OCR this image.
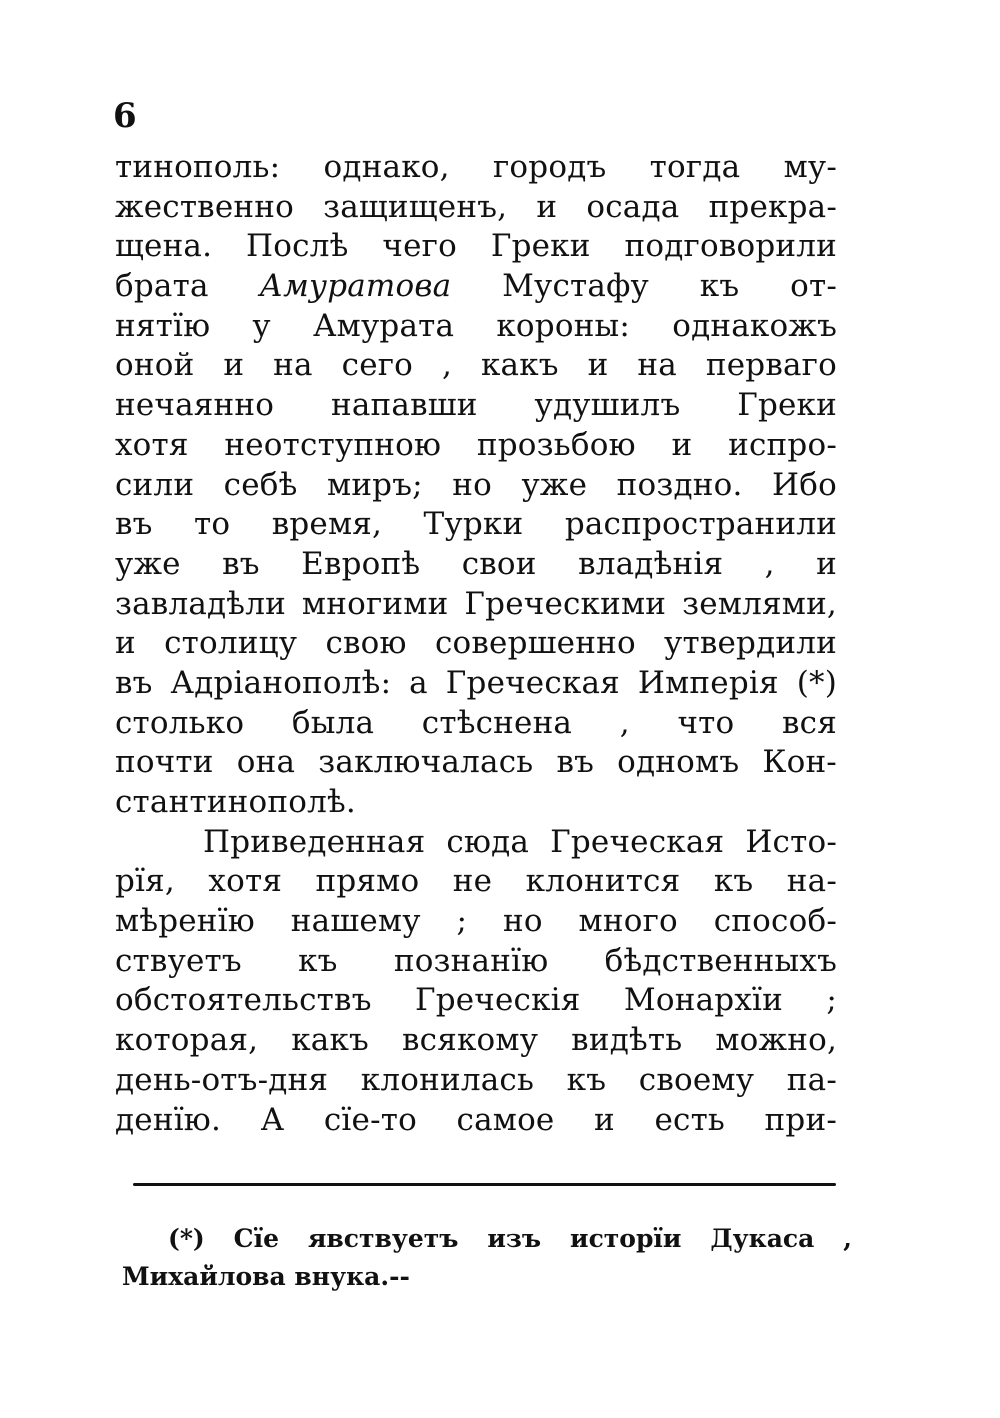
6
тинополь: однако, городъ тогда му-
жественно защищенъ, и осада прекра-
щена. Послѣ чего Греки подговорили
брата Амуратова Мустафу къ от-
нятїю у Амурата короны: однакожъ
оной и на сего , какъ и на перваго
нечаянно напавши удушилъ Греки
хотя неотступною прозьбою и испро-
сили себѣ миръ; но уже поздно. Ибо
въ то время, Турки распространили
уже въ Европѣ свои владѣнія , и
завладѣли многими Греческими землями,
и столицу свою совершенно утвердили
въ Адріанополѣ: а Греческая Имперія (*)
столько была стѣснена , что вся
почти она заключалась въ одномъ Кон-
стантинополѣ.
Приведенная сюда Греческая Исто-
рїя, хотя прямо не клонится къ на-
мѣренїю нашему ; но много способ-
ствуетъ къ познанїю бѣдственныхъ
обстоятельствъ Греческія Монархїи ;
которая, какъ всякому видѣть можно,
день-отъ-дня клонилась къ своему па-
денїю. А сїе-то самое и есть при-
(*) Сїе явствуетъ изъ исторїи Дукаса ,
Михайлова внука.--
